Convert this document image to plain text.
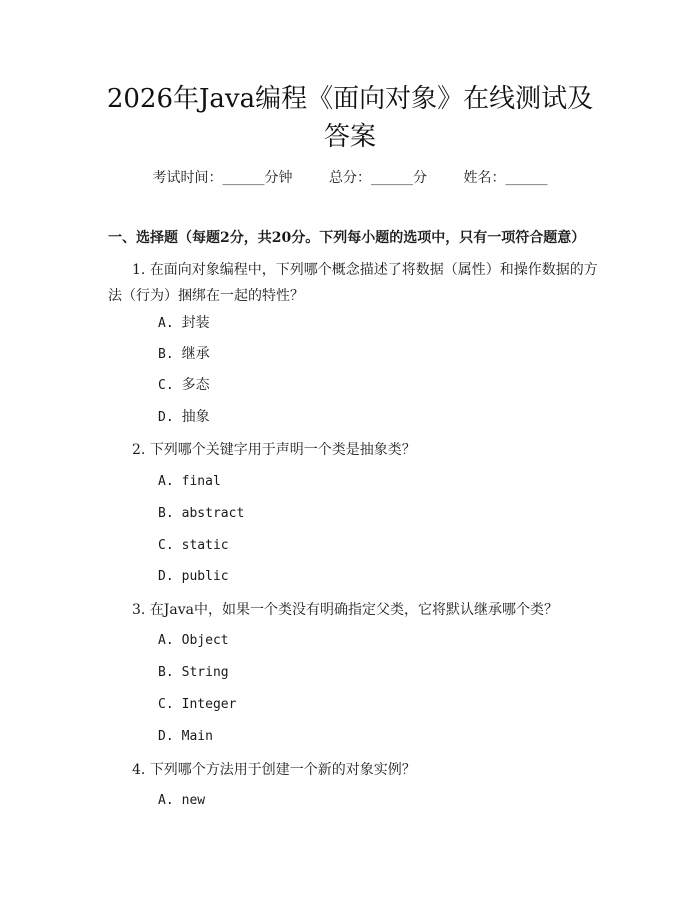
2026年Java编程《面向对象》在线测试及
答案
考试时间：______分钟	总分：______分	姓名：______

一、选择题（每题2分，共20分。下列每小题的选项中，只有一项符合题意）

1. 在面向对象编程中，下列哪个概念描述了将数据（属性）和操作数据的方

法（行为）捆绑在一起的特性？

A. 封装

B. 继承

C. 多态

D. 抽象

2. 下列哪个关键字用于声明一个类是抽象类？

A. final

B. abstract

C. static

D. public

3. 在Java中，如果一个类没有明确指定父类，它将默认继承哪个类？

A. Object

B. String

C. Integer

D. Main

4. 下列哪个方法用于创建一个新的对象实例？

A. new
